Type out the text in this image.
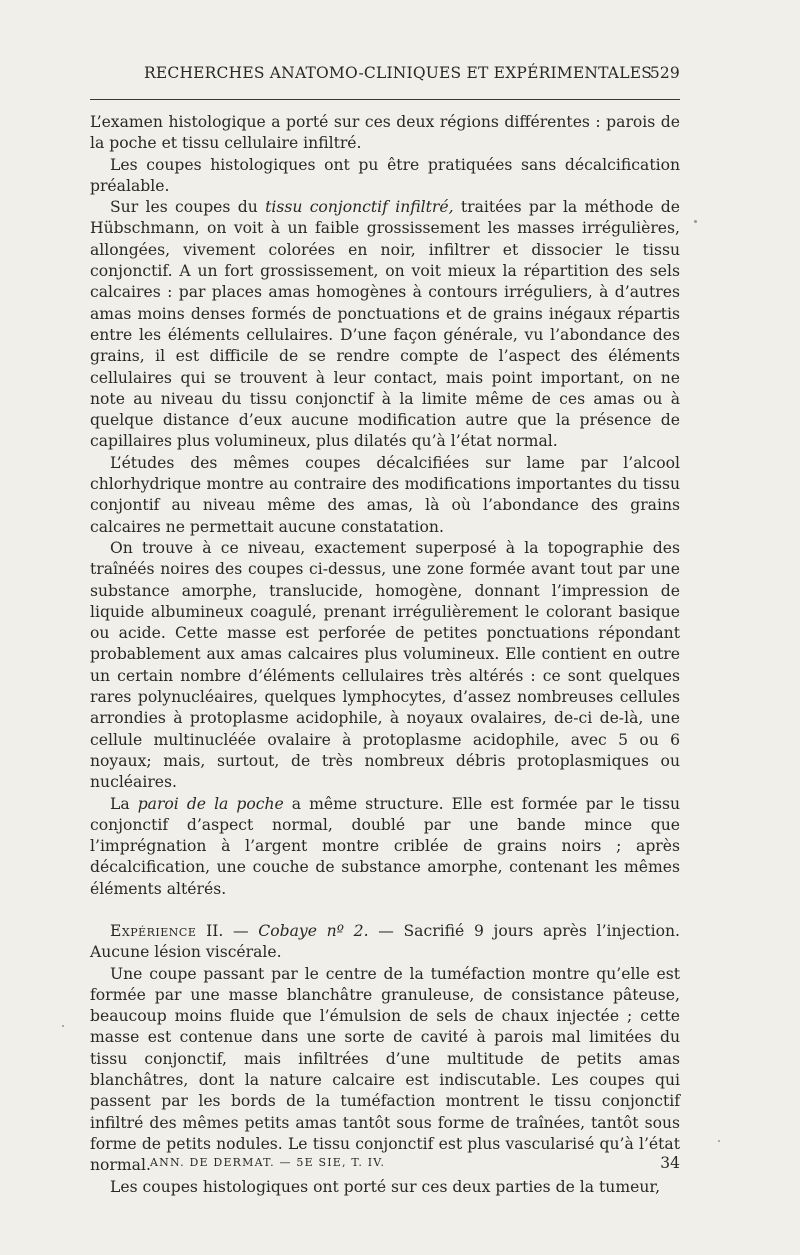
RECHERCHES ANATOMO-CLINIQUES ET EXPÉRIMENTALES
529

L’examen histologique a porté sur ces deux régions différentes : parois de la poche et tissu cellulaire infiltré.

Les coupes histologiques ont pu être pratiquées sans décalcification préalable.

Sur les coupes du tissu conjonctif infiltré, traitées par la méthode de Hübschmann, on voit à un faible grossissement les masses irrégulières, allongées, vivement colorées en noir, infiltrer et dissocier le tissu conjonctif. A un fort grossissement, on voit mieux la répartition des sels calcaires : par places amas homogènes à contours irréguliers, à d’autres amas moins denses formés de ponctuations et de grains inégaux répartis entre les éléments cellulaires. D’une façon générale, vu l’abondance des grains, il est difficile de se rendre compte de l’aspect des éléments cellulaires qui se trouvent à leur contact, mais point important, on ne note au niveau du tissu conjonctif à la limite même de ces amas ou à quelque distance d’eux aucune modification autre que la présence de capillaires plus volumineux, plus dilatés qu’à l’état normal.

L’études des mêmes coupes décalcifiées sur lame par l’alcool chlorhydrique montre au contraire des modifications importantes du tissu conjontif au niveau même des amas, là où l’abondance des grains calcaires ne permettait aucune constatation.

On trouve à ce niveau, exactement superposé à la topographie des traînéés noires des coupes ci-dessus, une zone formée avant tout par une substance amorphe, translucide, homogène, donnant l’impression de liquide albumineux coagulé, prenant irrégulièrement le colorant basique ou acide. Cette masse est perforée de petites ponctuations répondant probablement aux amas calcaires plus volumineux. Elle contient en outre un certain nombre d’éléments cellulaires très altérés : ce sont quelques rares polynucléaires, quelques lymphocytes, d’assez nombreuses cellules arrondies à protoplasme acidophile, à noyaux ovalaires, de-ci de-là, une cellule multinucléée ovalaire à protoplasme acidophile, avec 5 ou 6 noyaux; mais, surtout, de très nombreux débris protoplasmiques ou nucléaires.

La paroi de la poche a même structure. Elle est formée par le tissu conjonctif d’aspect normal, doublé par une bande mince que l’imprégnation à l’argent montre criblée de grains noirs ; après décalcification, une couche de substance amorphe, contenant les mêmes éléments altérés.

Expérience II. — Cobaye nº 2. — Sacrifié 9 jours après l’injection. Aucune lésion viscérale.

Une coupe passant par le centre de la tuméfaction montre qu’elle est formée par une masse blanchâtre granuleuse, de consistance pâteuse, beaucoup moins fluide que l’émulsion de sels de chaux injectée ; cette masse est contenue dans une sorte de cavité à parois mal limitées du tissu conjonctif, mais infiltrées d’une multitude de petits amas blanchâtres, dont la nature calcaire est indiscutable. Les coupes qui passent par les bords de la tuméfaction montrent le tissu conjonctif infiltré des mêmes petits amas tantôt sous forme de traînées, tantôt sous forme de petits nodules. Le tissu conjonctif est plus vascularisé qu’à l’état normal.

Les coupes histologiques ont porté sur ces deux parties de la tumeur,

ANN. DE DERMAT. — 5E SIE, T. IV.	34
